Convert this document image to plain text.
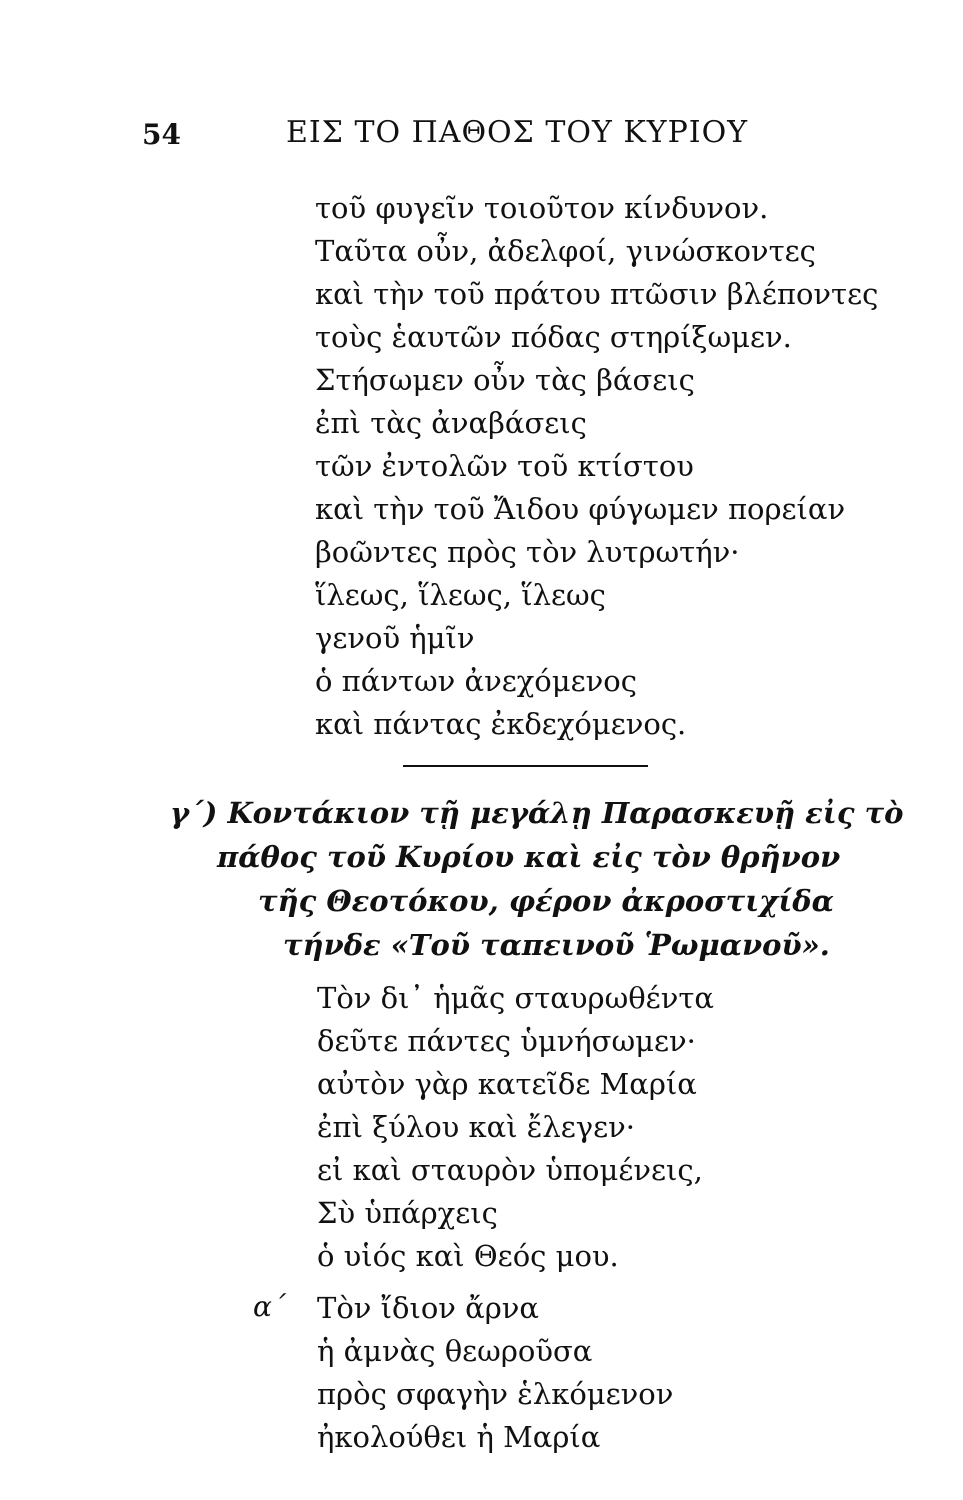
54	ΕΙΣ ΤΟ ΠΑΘΟΣ ΤΟΥ ΚΥΡΙΟΥ
τοῦ φυγεῖν τοιοῦτον κίνδυνον.
Ταῦτα οὖν, ἀδελφοί, γινώσκοντες
καὶ τὴν τοῦ πράτου πτῶσιν βλέποντες
τοὺς ἑαυτῶν πόδας στηρίξωμεν.
Στήσωμεν οὖν τὰς βάσεις
ἐπὶ τὰς ἀναβάσεις
τῶν ἐντολῶν τοῦ κτίστου
καὶ τὴν τοῦ Ἄιδου φύγωμεν πορείαν
βοῶντες πρὸς τὸν λυτρωτήν·
ἵλεως, ἵλεως, ἵλεως
γενοῦ ἡμῖν
ὁ πάντων ἀνεχόμενος
καὶ πάντας ἐκδεχόμενος.
γ΄) Κοντάκιον τῇ μεγάλῃ Παρασκευῇ εἰς τὸ
πάθος τοῦ Κυρίου καὶ εἰς τὸν θρῆνον
τῆς Θεοτόκου, φέρον ἀκροστιχίδα
τήνδε «Τοῦ ταπεινοῦ Ῥωμανοῦ».
Τὸν δι᾽ ἡμᾶς σταυρωθέντα
δεῦτε πάντες ὑμνήσωμεν·
αὐτὸν γὰρ κατεῖδε Μαρία
ἐπὶ ξύλου καὶ ἔλεγεν·
εἰ καὶ σταυρὸν ὑπομένεις,
Σὺ ὑπάρχεις
ὁ υἱός καὶ Θεός μου.
α΄ Τὸν ἴδιον ἄρνα
ἡ ἀμνὰς θεωροῦσα
πρὸς σφαγὴν ἑλκόμενον
ἠκολούθει ἡ Μαρία
